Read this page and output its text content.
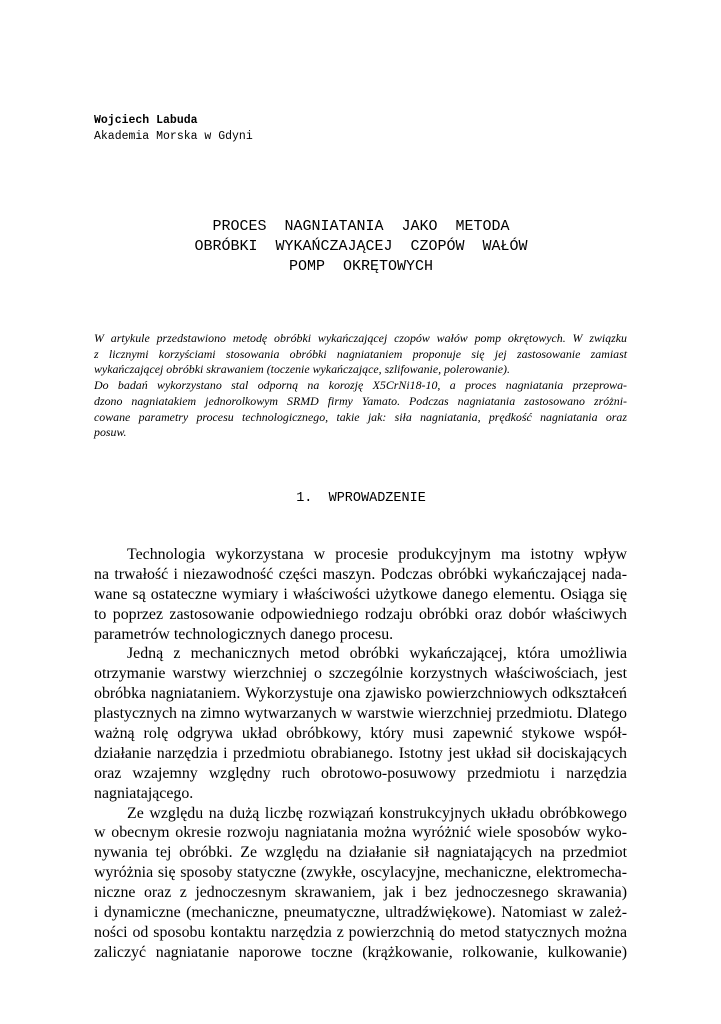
Wojciech Labuda
Akademia Morska w Gdyni
PROCES  NAGNIATANIA  JAKO  METODA
OBRÓBKI  WYKAŃCZAJĄCEJ  CZOPÓW  WAŁÓW
POMP  OKRĘTOWYCH

W artykule przedstawiono metodę obróbki wykańczającej czopów wałów pomp okrętowych. W związku

z licznymi korzyściami stosowania obróbki nagniataniem proponuje się jej zastosowanie zamiast

wykańczającej obróbki skrawaniem (toczenie wykańczające, szlifowanie, polerowanie).

Do badań wykorzystano stal odporną na korozję X5CrNi18-10, a proces nagniatania przeprowa-

dzono nagniatakiem jednorolkowym SRMD firmy Yamato. Podczas nagniatania zastosowano zróżni-

cowane parametry procesu technologicznego, takie jak: siła nagniatania, prędkość nagniatania oraz

posuw.

1.  WPROWADZENIE
Technologia wykorzystana w procesie produkcyjnym ma istotny wpływ
na trwałość i niezawodność części maszyn. Podczas obróbki wykańczającej nada-
wane są ostateczne wymiary i właściwości użytkowe danego elementu. Osiąga się
to poprzez zastosowanie odpowiedniego rodzaju obróbki oraz dobór właściwych
parametrów technologicznych danego procesu.
Jedną z mechanicznych metod obróbki wykańczającej, która umożliwia
otrzymanie warstwy wierzchniej o szczególnie korzystnych właściwościach, jest
obróbka nagniataniem. Wykorzystuje ona zjawisko powierzchniowych odkształceń
plastycznych na zimno wytwarzanych w warstwie wierzchniej przedmiotu. Dlatego
ważną rolę odgrywa układ obróbkowy, który musi zapewnić stykowe współ-
działanie narzędzia i przedmiotu obrabianego. Istotny jest układ sił dociskających
oraz wzajemny względny ruch obrotowo-posuwowy przedmiotu i narzędzia
nagniatającego.
Ze względu na dużą liczbę rozwiązań konstrukcyjnych układu obróbkowego
w obecnym okresie rozwoju nagniatania można wyróżnić wiele sposobów wyko-
nywania tej obróbki. Ze względu na działanie sił nagniatających na przedmiot
wyróżnia się sposoby statyczne (zwykłe, oscylacyjne, mechaniczne, elektromecha-
niczne oraz z jednoczesnym skrawaniem, jak i bez jednoczesnego skrawania)
i dynamiczne (mechaniczne, pneumatyczne, ultradźwiękowe). Natomiast w zależ-
ności od sposobu kontaktu narzędzia z powierzchnią do metod statycznych można
zaliczyć nagniatanie naporowe toczne (krążkowanie, rolkowanie, kulkowanie)
